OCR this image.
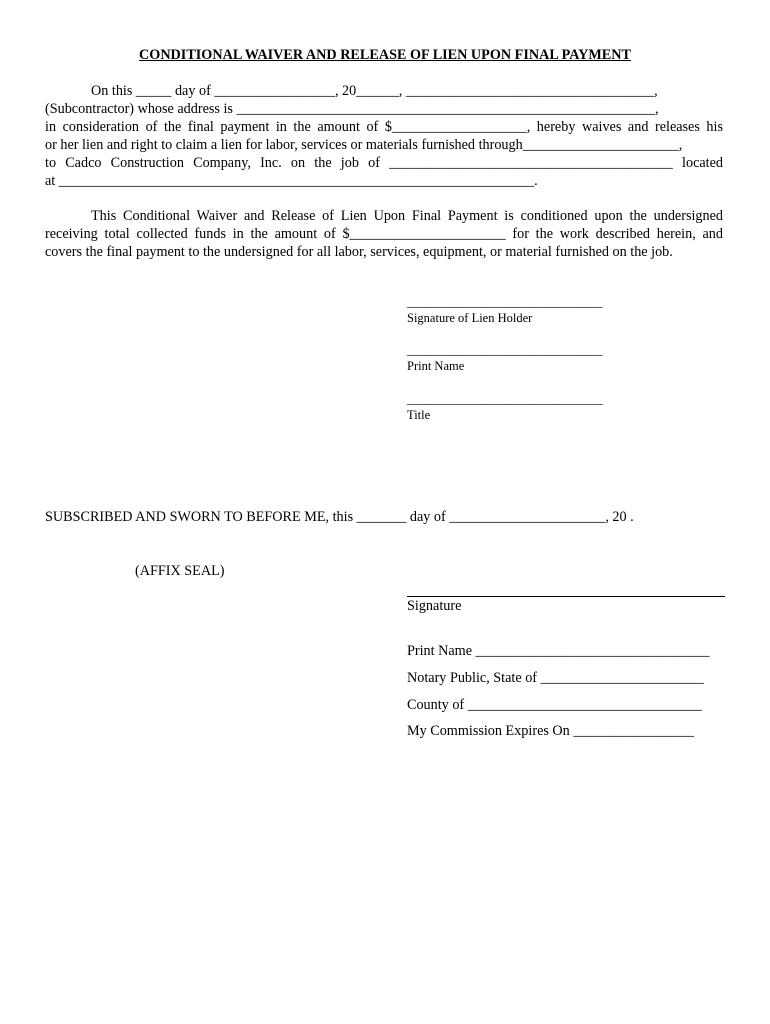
CONDITIONAL WAIVER AND RELEASE OF LIEN UPON FINAL PAYMENT
On this _____ day of _________________, 20______, ___________________________________,
(Subcontractor) whose address is ___________________________________________________________,
in consideration of the final payment in the amount of $___________________, hereby waives and releases his
or her lien and right to claim a lien for labor, services or materials furnished through______________________,
to Cadco Construction Company, Inc. on the job of ________________________________________ located
at ___________________________________________________________________.
This Conditional Waiver and Release of Lien Upon Final Payment is conditioned upon the undersigned
receiving total collected funds in the amount of $______________________ for the work described herein, and
covers the final payment to the undersigned for all labor, services, equipment, or material furnished on the job.
________________________________
Signature of Lien Holder
________________________________
Print Name
________________________________
Title
SUBSCRIBED AND SWORN TO BEFORE ME, this _______ day of ______________________, 20 .
(AFFIX SEAL)
Signature
Print Name _________________________________
Notary Public, State of _______________________
County of _________________________________
My Commission Expires On _________________
